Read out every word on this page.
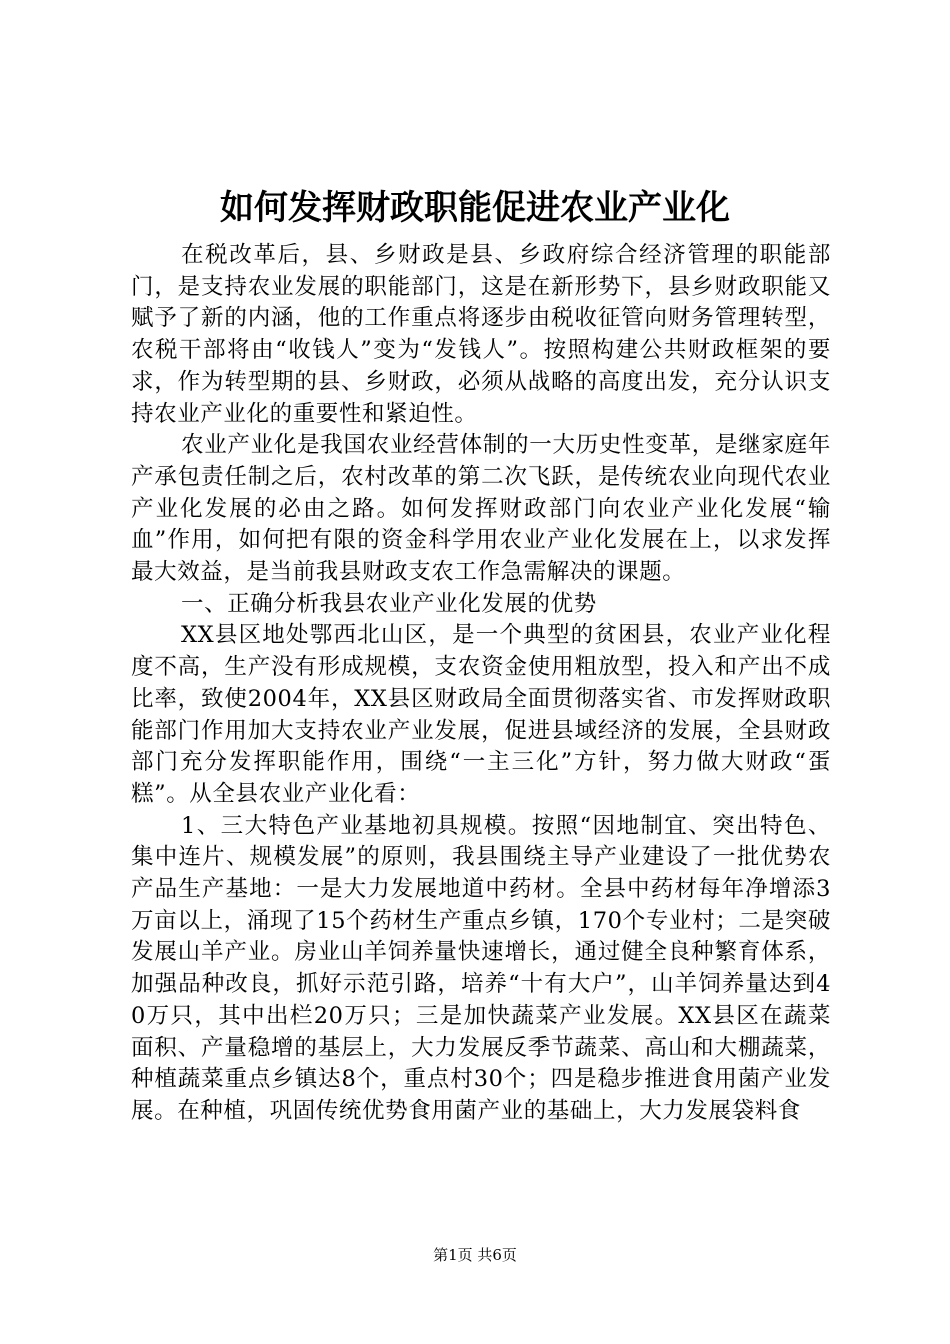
如何发挥财政职能促进农业产业化

在税改革后，县、乡财政是县、乡政府综合经济管理的职能部门，是支持农业发展的职能部门，这是在新形势下，县乡财政职能又赋予了新的内涵，他的工作重点将逐步由税收征管向财务管理转型，农税干部将由“收钱人”变为“发钱人”。按照构建公共财政框架的要求，作为转型期的县、乡财政，必须从战略的高度出发，充分认识支持农业产业化的重要性和紧迫性。

农业产业化是我国农业经营体制的一大历史性变革，是继家庭年产承包责任制之后，农村改革的第二次飞跃，是传统农业向现代农业产业化发展的必由之路。如何发挥财政部门向农业产业化发展“输血”作用，如何把有限的资金科学用农业产业化发展在上，以求发挥最大效益，是当前我县财政支农工作急需解决的课题。

一、正确分析我县农业产业化发展的优势

XX县区地处鄂西北山区，是一个典型的贫困县，农业产业化程度不高，生产没有形成规模，支农资金使用粗放型，投入和产出不成比率，致使2004年，XX县区财政局全面贯彻落实省、市发挥财政职能部门作用加大支持农业产业发展，促进县域经济的发展，全县财政部门充分发挥职能作用，围绕“一主三化”方针，努力做大财政“蛋糕”。从全县农业产业化看：

1、三大特色产业基地初具规模。按照“因地制宜、突出特色、集中连片、规模发展”的原则，我县围绕主导产业建设了一批优势农产品生产基地：一是大力发展地道中药材。全县中药材每年净增添3万亩以上，涌现了15个药材生产重点乡镇，170个专业村；二是突破发展山羊产业。房业山羊饲养量快速增长，通过健全良种繁育体系，加强品种改良，抓好示范引路，培养“十有大户”，山羊饲养量达到40万只，其中出栏20万只；三是加快蔬菜产业发展。XX县区在蔬菜面积、产量稳增的基层上，大力发展反季节蔬菜、高山和大棚蔬菜，种植蔬菜重点乡镇达8个，重点村30个；四是稳步推进食用菌产业发展。在种植，巩固传统优势食用菌产业的基础上，大力发展袋料食

第1页 共6页
